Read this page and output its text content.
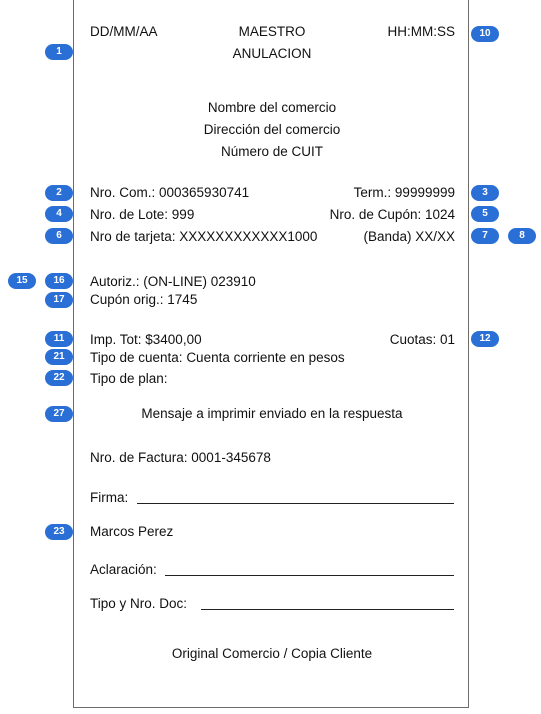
DD/MM/AA	MAESTRO	HH:MM:SS
ANULACION
Nombre del comercio
Dirección del comercio
Número de CUIT
Nro. Com.: 000365930741	Term.: 99999999
Nro. de Lote: 999	Nro. de Cupón: 1024
Nro de tarjeta: XXXXXXXXXXXX1000	(Banda) XX/XX
Autoriz.: (ON-LINE) 023910
Cupón orig.: 1745
Imp. Tot: $3400,00	Cuotas: 01
Tipo de cuenta: Cuenta corriente en pesos
Tipo de plan:
Mensaje a imprimir enviado en la respuesta
Nro. de Factura: 0001-345678
Firma:
Marcos Perez
Aclaración:
Tipo y Nro. Doc:
Original Comercio / Copia Cliente
1
10
2	3
4	5
6	7	8
15	16
17
11	12
21
22
27
23
